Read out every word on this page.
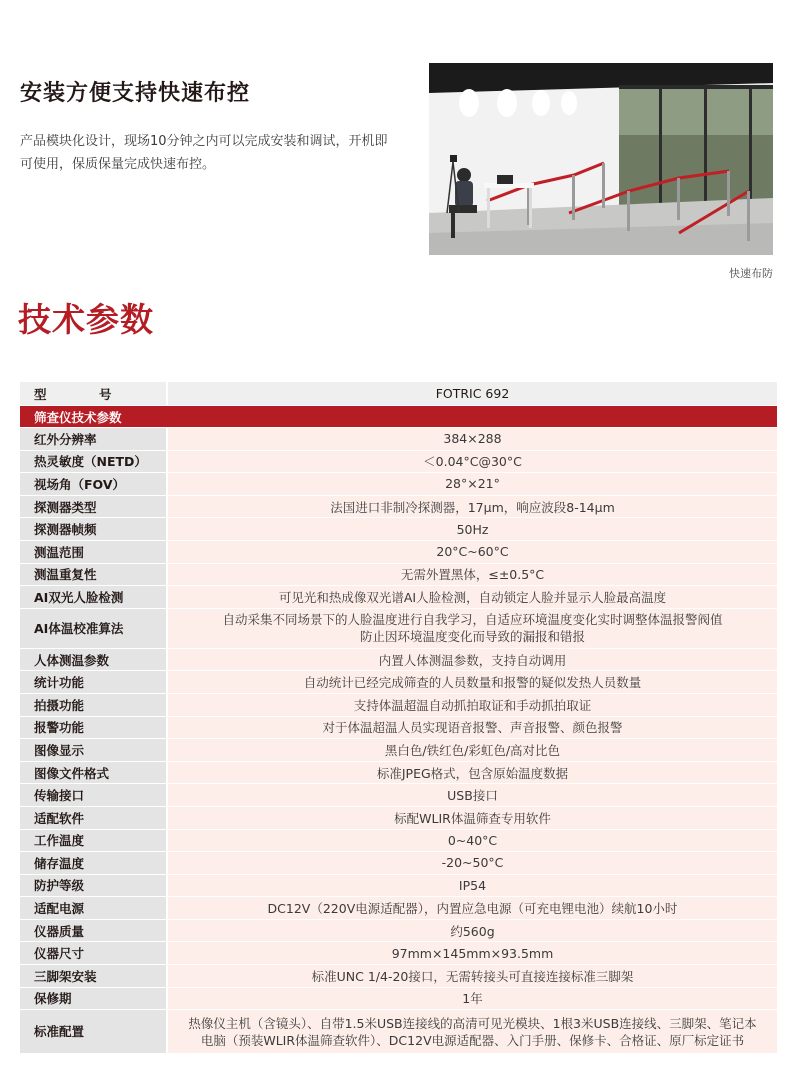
安装方便支持快速布控
产品模块化设计，现场10分钟之内可以完成安装和调试，开机即可使用，保质保量完成快速布控。
快速布防
技术参数
型　号	FOTRIC 692
筛查仪技术参数	
红外分辨率	384×288
热灵敏度（NETD）	＜0.04°C@30°C
视场角（FOV）	28°×21°
探测器类型	法国进口非制冷探测器，17μm，响应波段8-14μm
探测器帧频	50Hz
测温范围	20°C~60°C
测温重复性	无需外置黑体，≤±0.5°C
AI双光人脸检测	可见光和热成像双光谱AI人脸检测，自动锁定人脸并显示人脸最高温度
AI体温校准算法	自动采集不同场景下的人脸温度进行自我学习，自适应环境温度变化实时调整体温报警阀值
防止因环境温度变化而导致的漏报和错报

人体测温参数	内置人体测温参数，支持自动调用
统计功能	自动统计已经完成筛查的人员数量和报警的疑似发热人员数量
拍摄功能	支持体温超温自动抓拍取证和手动抓拍取证
报警功能	对于体温超温人员实现语音报警、声音报警、颜色报警
图像显示	黑白色/铁红色/彩虹色/高对比色
图像文件格式	标准JPEG格式，包含原始温度数据
传输接口	USB接口
适配软件	标配WLIR体温筛查专用软件
工作温度	0~40°C
储存温度	-20~50°C
防护等级	IP54
适配电源	DC12V（220V电源适配器），内置应急电源（可充电锂电池）续航10小时
仪器质量	约560g
仪器尺寸	97mm×145mm×93.5mm
三脚架安装	标准UNC 1/4-20接口，无需转接头可直接连接标准三脚架
保修期	1年
标准配置	热像仪主机（含镜头）、自带1.5米USB连接线的高清可见光模块、1根3米USB连接线、三脚架、笔记本
电脑（预装WLIR体温筛查软件）、DC12V电源适配器、入门手册、保修卡、合格证、原厂标定证书
